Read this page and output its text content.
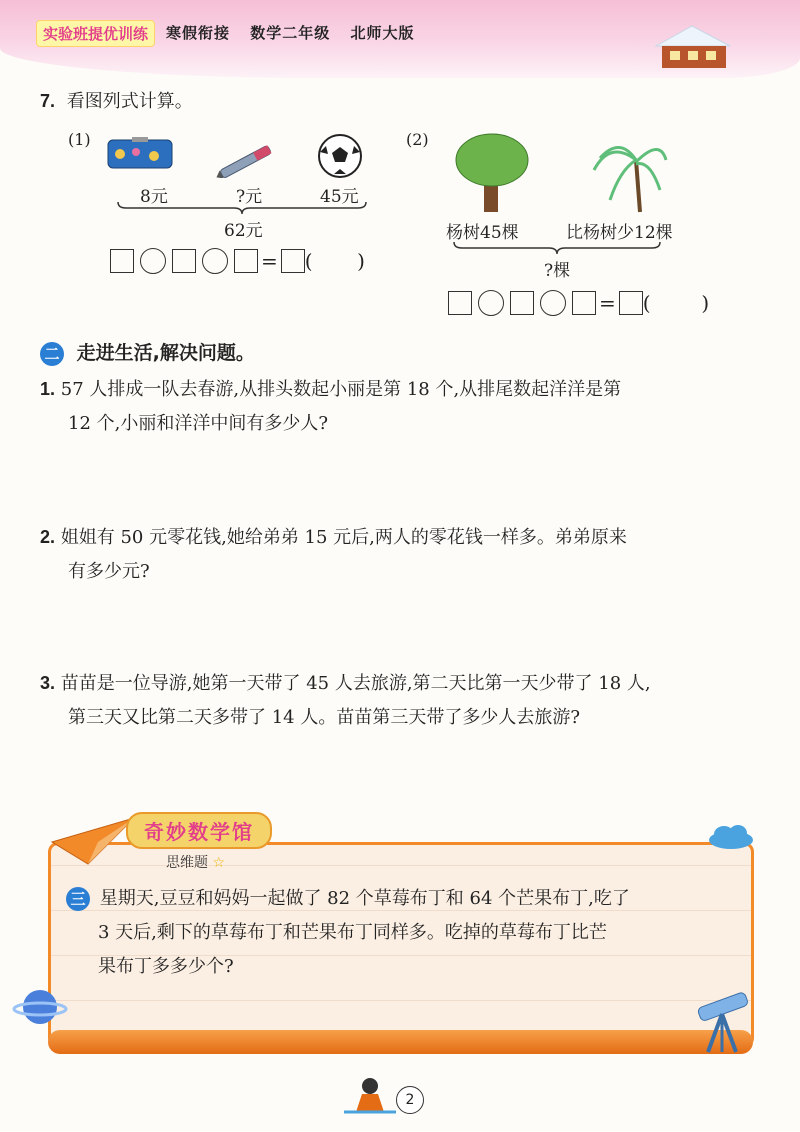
实验班提优训练	寒假衔接 数学二年级 北师大版
7. 看图列式计算。
(1)
8元	?元	45元
62元
= (       )
(2)
杨树45棵	比杨树少12棵
?棵
= (        )
二 走进生活,解决问题。
1. 57 人排成一队去春游,从排头数起小丽是第 18 个,从排尾数起洋洋是第
12 个,小丽和洋洋中间有多少人?
2. 姐姐有 50 元零花钱,她给弟弟 15 元后,两人的零花钱一样多。弟弟原来
有多少元?
3. 苗苗是一位导游,她第一天带了 45 人去旅游,第二天比第一天少带了 18 人,
第三天又比第二天多带了 14 人。苗苗第三天带了多少人去旅游?
奇妙数学馆
思维题 ☆
三 星期天,豆豆和妈妈一起做了 82 个草莓布丁和 64 个芒果布丁,吃了
3 天后,剩下的草莓布丁和芒果布丁同样多。吃掉的草莓布丁比芒
果布丁多多少个?
2
